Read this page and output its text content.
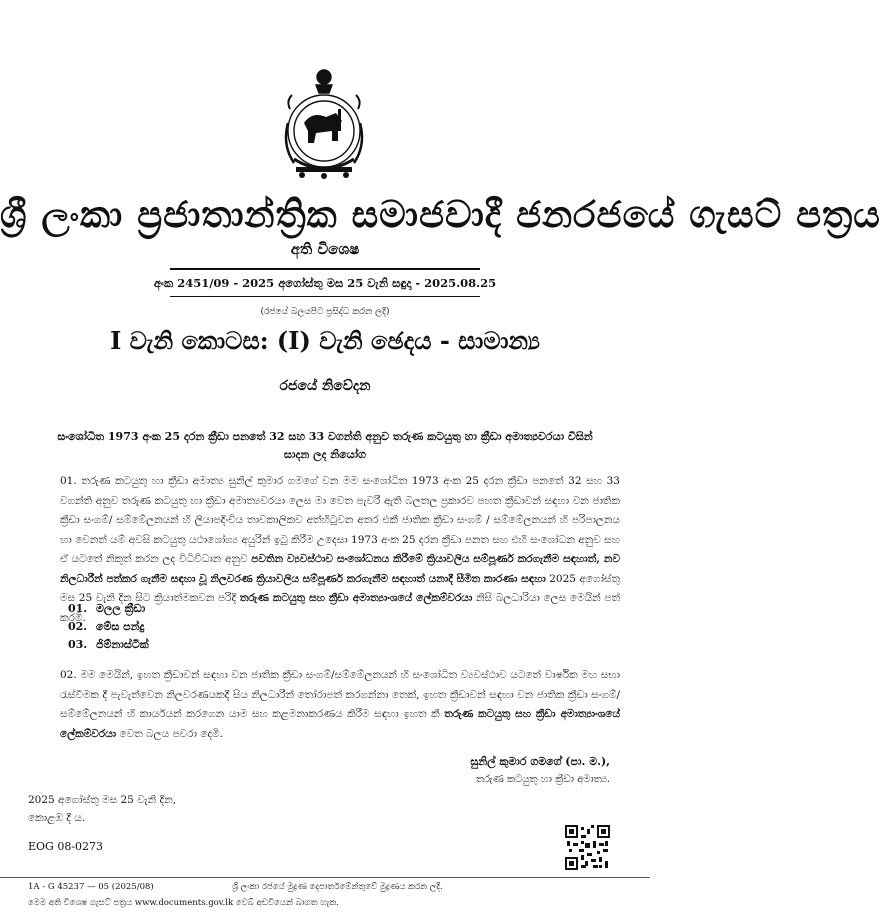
ශ්‍රී ලංකා ප්‍රජාතාන්ත්‍රික සමාජවාදී ජනරජයේ ගැසට් පත්‍රය
අති විශෙෂ
අංක 2451/09 - 2025 අගෝස්තු මස 25 වැනි සඳුදා - 2025.08.25
(රජයේ බලයපිට ප්‍රසිද්ධ කරන ලදී)
I වැනි කොටස: (I) වැනි ඡෙදය - සාමාන්‍ය
රජයේ නිවේදන
සංශෝධිත 1973 අංක 25 දරන ක්‍රීඩා පනතේ 32 සහ 33 වගන්ති අනුව තරුණ කටයුතු හා ක්‍රීඩා අමාත්‍යවරයා විසින්
සාදන ලද නියෝග
01. තරුණ කටයුතු හා ක්‍රීඩා අමාත්‍ය සුනිල් කුමාර ගමගේ වන මම සංශෝධිත 1973 අංක 25 දරන ක්‍රීඩා පනතේ 32 සහ 33 වගන්ති අනුව තරුණ කටයුතු හා ක්‍රීඩා අමාත්‍යවරයා ලෙස මා වෙත පැවරී ඇති බලතල ප්‍රකාරව පහත ක්‍රීඩාවන් සඳහා වන ජාතික ක්‍රීඩා සංගම්/ සම්මේලනයන් හි ලියාපදිංචිය තාවකාලිකව අත්හිටුවන අතර එකී ජාතික ක්‍රීඩා සංගම් / සම්මේලනයන් හි පරිපාලනය හා වෙනත් යම් අවසි කටයුතු යථාශෝග්‍ය අයුරින් ඉටු කිරීම උදෙසා 1973 අංක 25 දරන ක්‍රීඩා පනත සහ එහි සංශෝධන අනුව සහ ඒ යටතේ නිකුත් කරන ලද විධිවිධාන අනුව පවතින ව්‍යවස්ථාව සංශෝධනය කිරීමේ ක්‍රියාවලිය සම්පූර්ණ කරගැනීම සඳහාත්, නව නිලධාරීන් පත්කර ගැනීම සඳහා වූ නිලවරණ ක්‍රියාවලිය සම්පූර්ණ කරගැනීම සඳහාත් යනාදී සීමිත කාරණා සඳහා 2025 අගෝස්තු මස 25 වැනි දින සිට ක්‍රියාත්මකවන පරිදි තරුණ කටයුතු සහ ක්‍රීඩා අමාත්‍යාංශයේ ලේකම්වරයා නිසි බලධාරියා ලෙස මෙයින් පත් කරමි.
01. මලල ක්‍රීඩා
02. මේස පන්දු
03. ජිම්නාස්ටික්
02. මම මෙයින්, ඉහත ක්‍රීඩාවන් සඳහා වන ජාතික ක්‍රීඩා සංගම්/සම්මේලනයන් හි සංශෝධිත ව්‍යවස්ථාව යටතේ වාර්ෂික මහ සභා රැස්වීමක දී පැවැත්වෙන නිලවරණයකදී සිය නිලධාරීන් තෝරාපත් කරගන්නා තෙක්, ඉහත ක්‍රීඩාවන් සඳහා වන ජාතික ක්‍රීඩා සංගම්/සම්මේලනයන් හි කාර්යයන් කරගෙන යාම සහ කළමනාකරණය කිරීම සඳහා ඉහත කී තරුණ කටයුතු සහ ක්‍රීඩා අමාත්‍යාංශයේ ලේකම්වරයා වෙත බලය පවරා දෙමි.
සුනිල් කුමාර ගමගේ (පා. ම.),
තරුණ කටයුතු හා ක්‍රීඩා අමාත්‍ය.
2025 අගෝස්තු මස 25 වැනි දින,
කොළඹ දී ය.
EOG 08-0273
1A - G 45237 — 05 (2025/08)	ශ්‍රී ලංකා රජයේ මුද්‍රණ දෙපාර්තමේන්තුවේ මුද්‍රණය කරන ලදී.
මෙම අති විශෙෂ ගැසට් පත්‍රය www.documents.gov.lk වෙබ් අඩවියෙන් බාගත හැක.
